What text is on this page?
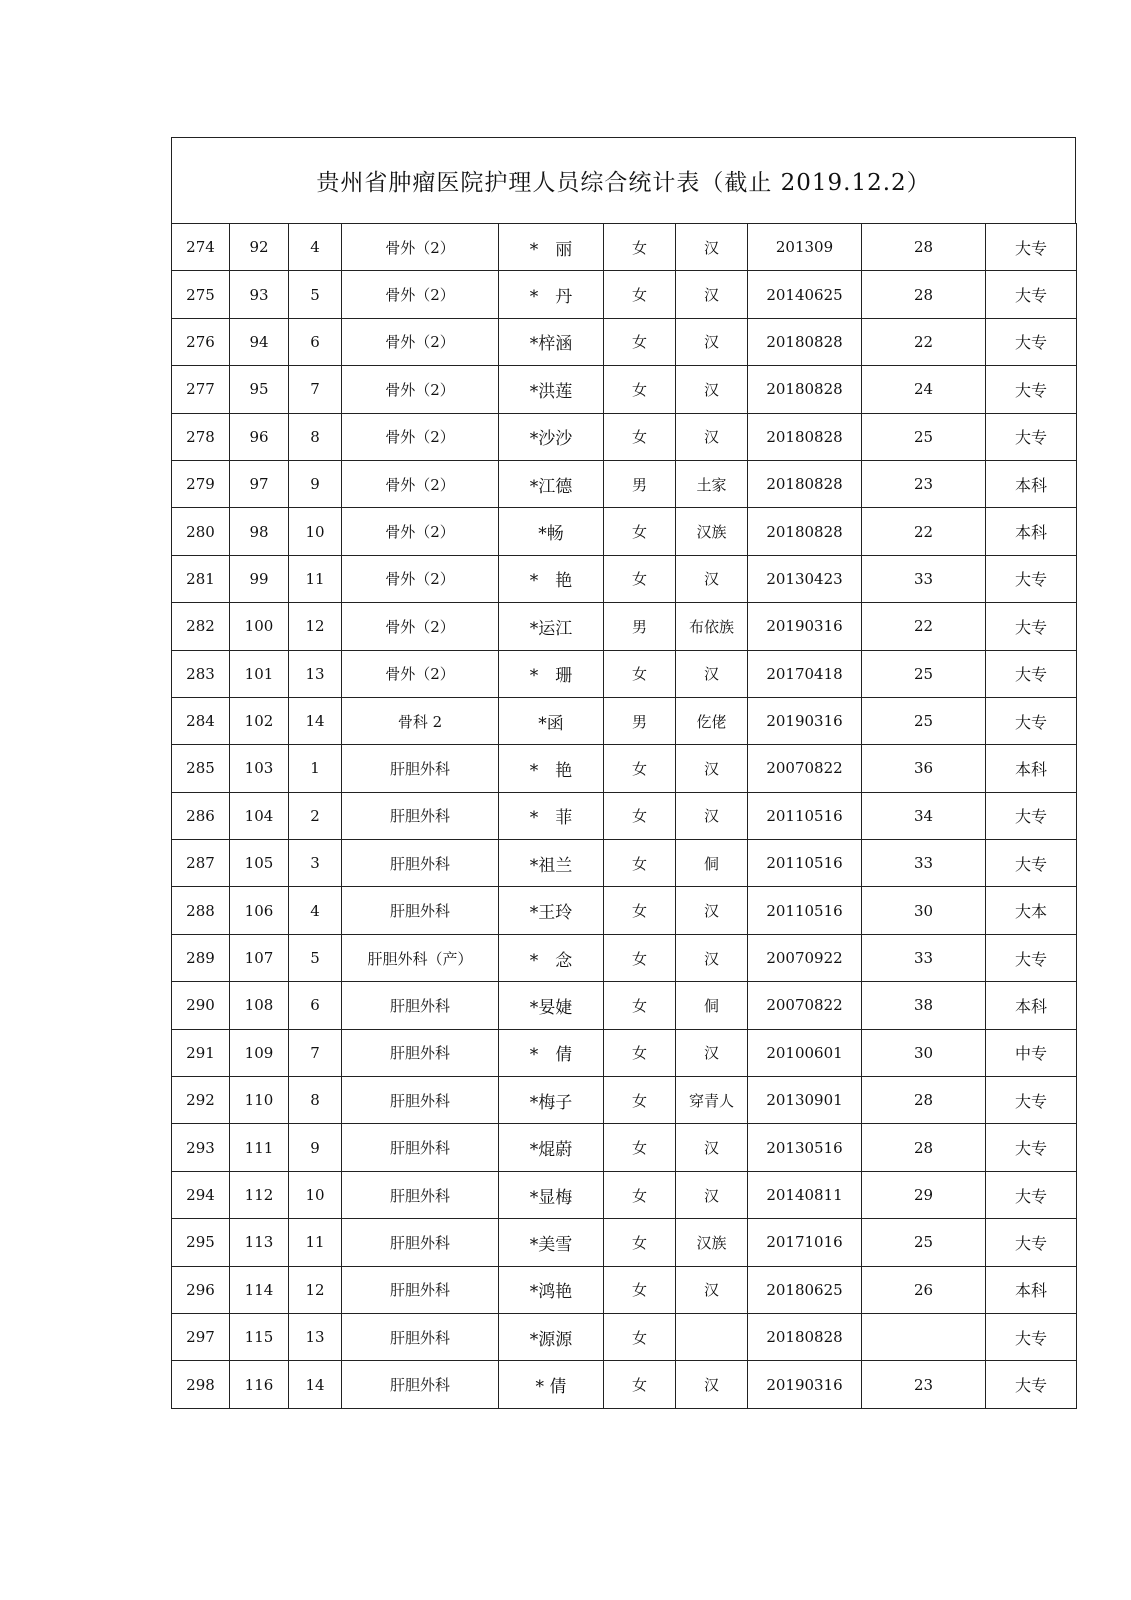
贵州省肿瘤医院护理人员综合统计表（截止 2019.12.2）
274	92	4	骨外（2）	*　丽	女	汉	201309	28	大专
275	93	5	骨外（2）	*　丹	女	汉	20140625	28	大专
276	94	6	骨外（2）	*梓涵	女	汉	20180828	22	大专
277	95	7	骨外（2）	*洪莲	女	汉	20180828	24	大专
278	96	8	骨外（2）	*沙沙	女	汉	20180828	25	大专
279	97	9	骨外（2）	*江德	男	土家	20180828	23	本科
280	98	10	骨外（2）	*畅	女	汉族	20180828	22	本科
281	99	11	骨外（2）	*　艳	女	汉	20130423	33	大专
282	100	12	骨外（2）	*运江	男	布依族	20190316	22	大专
283	101	13	骨外（2）	*　珊	女	汉	20170418	25	大专
284	102	14	骨科 2	*函	男	仡佬	20190316	25	大专
285	103	1	肝胆外科	*　艳	女	汉	20070822	36	本科
286	104	2	肝胆外科	*　菲	女	汉	20110516	34	大专
287	105	3	肝胆外科	*祖兰	女	侗	20110516	33	大专
288	106	4	肝胆外科	*王玲	女	汉	20110516	30	大本
289	107	5	肝胆外科（产）	*　念	女	汉	20070922	33	大专
290	108	6	肝胆外科	*妟婕	女	侗	20070822	38	本科
291	109	7	肝胆外科	*　倩	女	汉	20100601	30	中专
292	110	8	肝胆外科	*梅子	女	穿青人	20130901	28	大专
293	111	9	肝胆外科	*焜蔚	女	汉	20130516	28	大专
294	112	10	肝胆外科	*显梅	女	汉	20140811	29	大专
295	113	11	肝胆外科	*美雪	女	汉族	20171016	25	大专
296	114	12	肝胆外科	*鸿艳	女	汉	20180625	26	本科
297	115	13	肝胆外科	*源源	女		20180828		大专
298	116	14	肝胆外科	* 倩	女	汉	20190316	23	大专
